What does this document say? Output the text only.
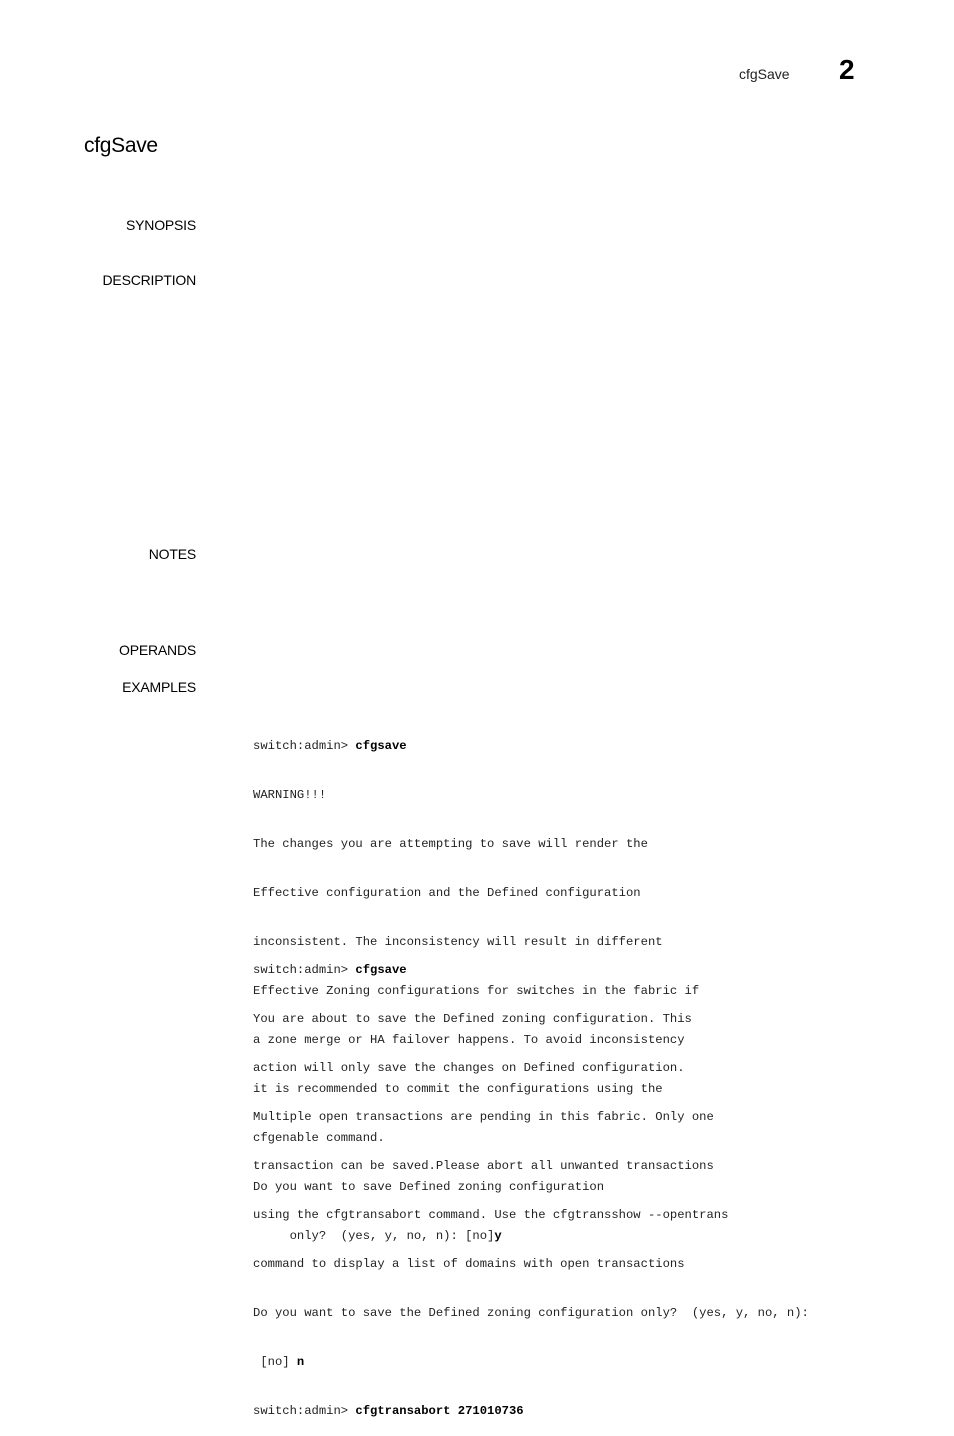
cfgSave 2
cfgSave
SYNOPSIS
DESCRIPTION
NOTES
OPERANDS
EXAMPLES

switch:admin> cfgsave

WARNING!!!

The changes you are attempting to save will render the

Effective configuration and the Defined configuration

inconsistent. The inconsistency will result in different

Effective Zoning configurations for switches in the fabric if

a zone merge or HA failover happens. To avoid inconsistency

it is recommended to commit the configurations using the

cfgenable command.

Do you want to save Defined zoning configuration

only?  (yes, y, no, n): [no]y

switch:admin> cfgsave

You are about to save the Defined zoning configuration. This

action will only save the changes on Defined configuration.

Multiple open transactions are pending in this fabric. Only one

transaction can be saved.Please abort all unwanted transactions

using the cfgtransabort command. Use the cfgtransshow --opentrans

command to display a list of domains with open transactions

Do you want to save the Defined zoning configuration only?  (yes, y, no, n):

[no] n

switch:admin> cfgtransabort 271010736
